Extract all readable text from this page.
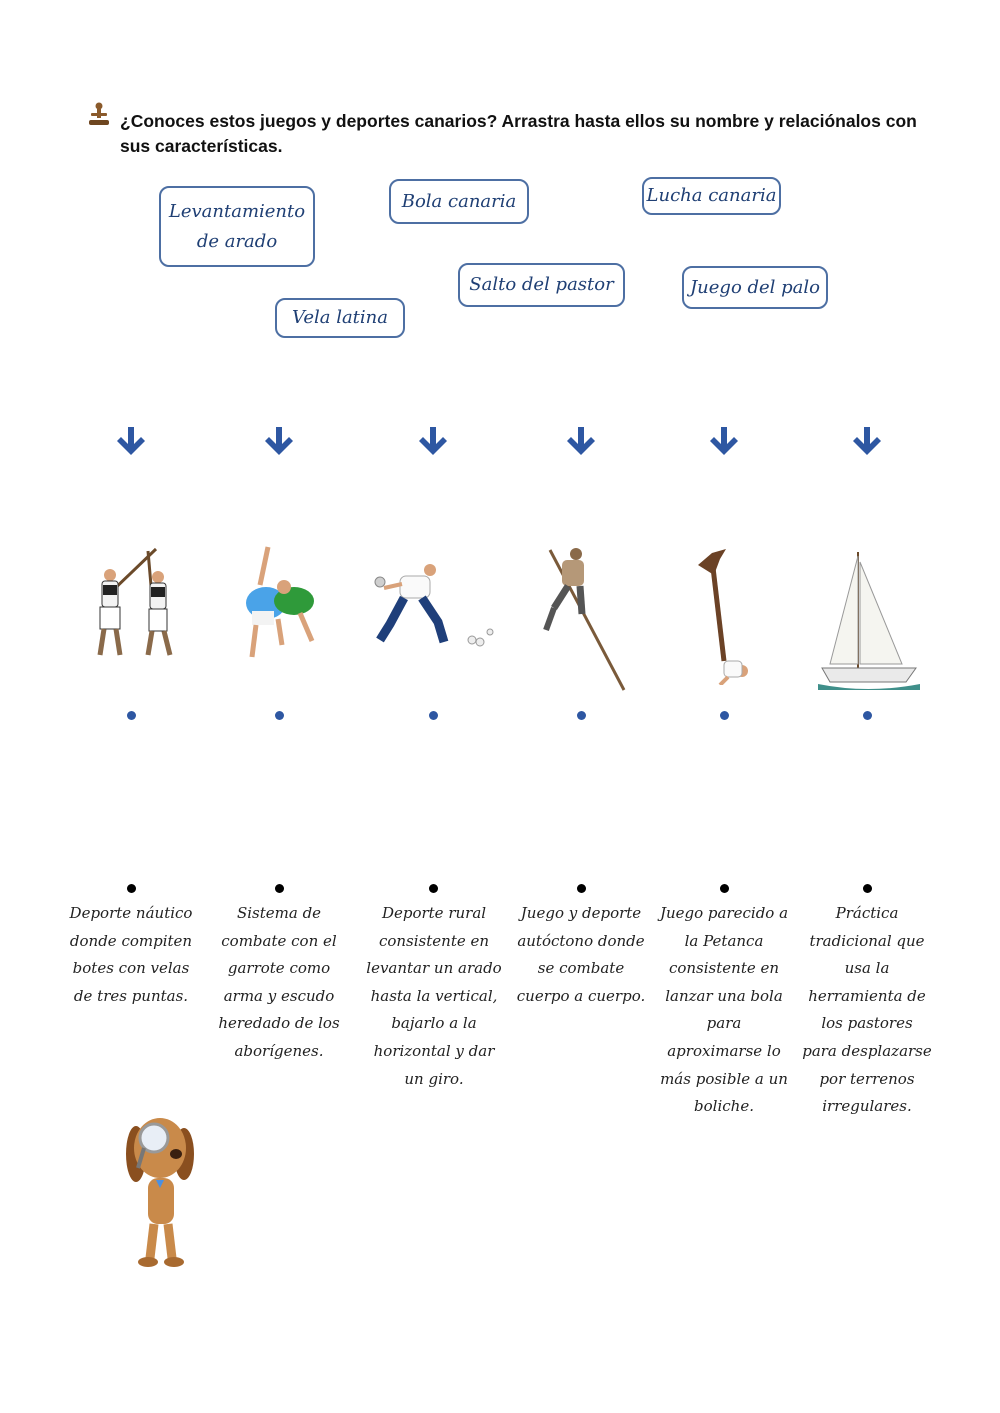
¿Conoces estos juegos y deportes canarios? Arrastra hasta ellos su nombre y relaciónalos con sus características.
Levantamiento de arado
Bola canaria	Lucha canaria
Salto del pastor	Juego del palo
Vela latina
Deporte náutico donde compiten botes con velas de tres puntas.
Sistema de combate con el garrote como arma y escudo heredado de los aborígenes.
Deporte rural consistente en levantar un arado hasta la vertical, bajarlo a la horizontal y dar un giro.
Juego y deporte autóctono donde se combate cuerpo a cuerpo.
Juego parecido a la Petanca consistente en lanzar una bola para aproximarse lo más posible a un boliche.
Práctica tradicional que usa la herramienta de los pastores para desplazarse por terrenos irregulares.
